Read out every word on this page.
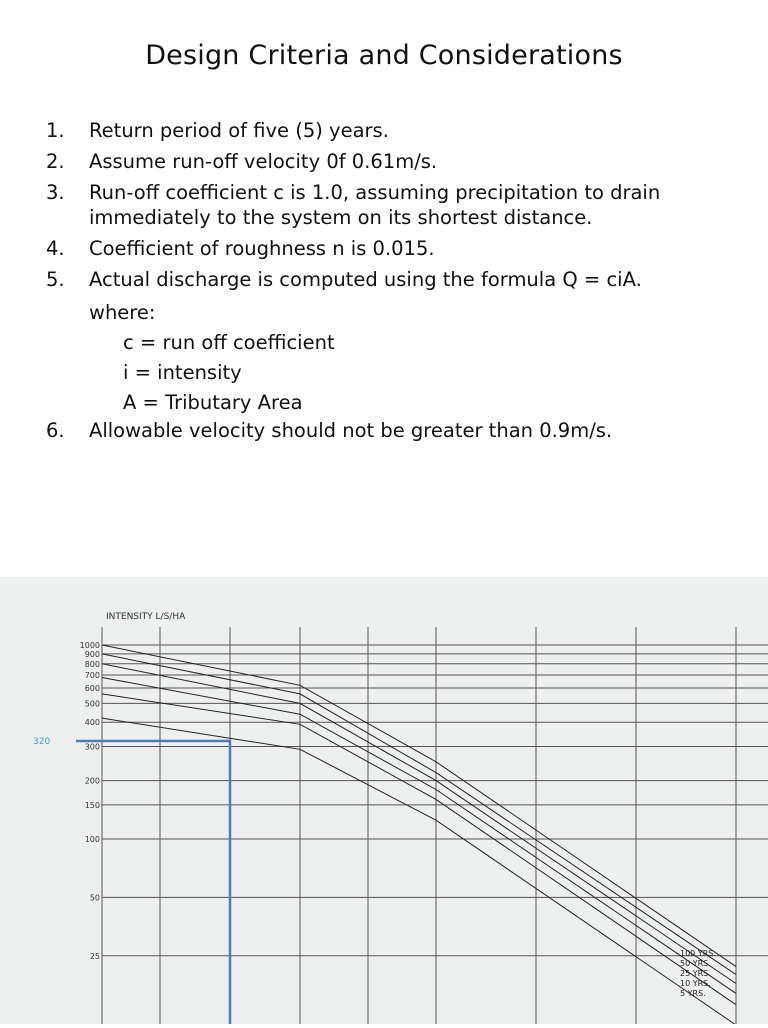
Design Criteria and Considerations
1. Return period of five (5) years.
2. Assume run-off velocity 0f 0.61m/s.
3. Run-off coefficient c is 1.0, assuming precipitation to drain immediately to the system on its shortest distance.
4. Coefficient of roughness n is 0.015.
5. Actual discharge is computed using the formula Q = ciA.
where:
c = run off coefficient
i = intensity
A = Tributary Area
6. Allowable velocity should not be greater than 0.9m/s.
INTENSITY L/S/HA
1000
900
800
700
600
500
400
300
200
150
100
50
25	100 YRS.
50 YRS.
25 YRS.
10 YRS.
5 YRS.
320
